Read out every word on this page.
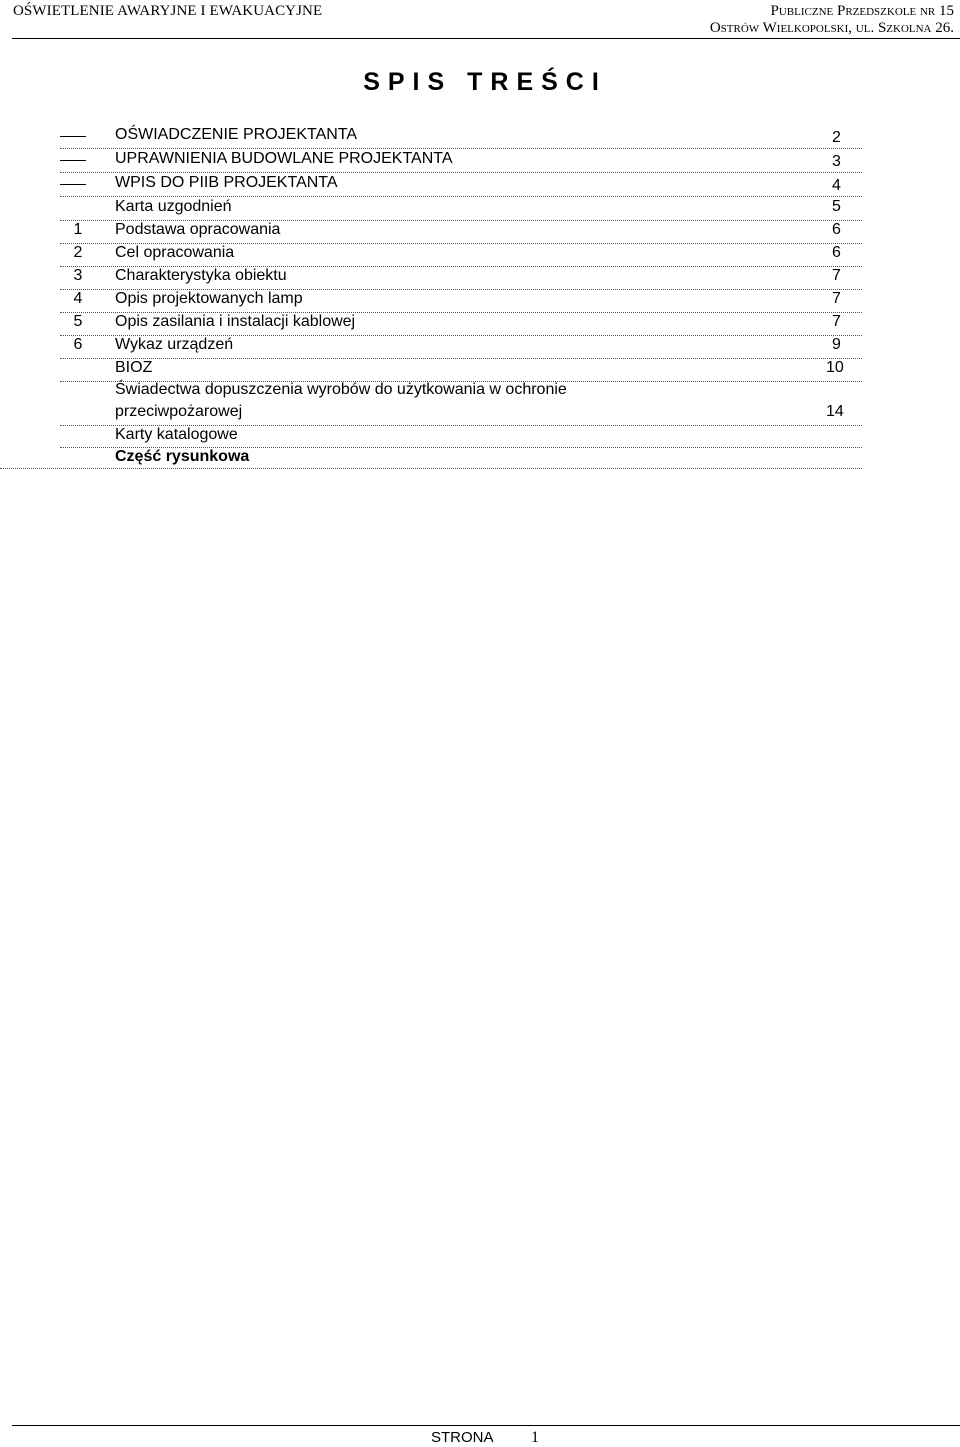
OŚWIETLENIE AWARYJNE I EWAKUACYJNE	Publiczne Przedszkole nr 15
Ostrów Wielkopolski, ul. Szkolna 26.
SPIS TREŚCI
OŚWIADCZENIE PROJEKTANTA	2
UPRAWNIENIA BUDOWLANE PROJEKTANTA	3
WPIS DO PIIB PROJEKTANTA	4
Karta uzgodnień	5
1	Podstawa opracowania	6
2	Cel opracowania	6
3	Charakterystyka obiektu	7
4	Opis projektowanych lamp	7
5	Opis zasilania i instalacji kablowej	7
6	Wykaz urządzeń	9
BIOZ	10
Świadectwa dopuszczenia wyrobów do użytkowania w ochronie
przeciwpożarowej	14
Karty katalogowe
Część rysunkowa
STRONA 1
